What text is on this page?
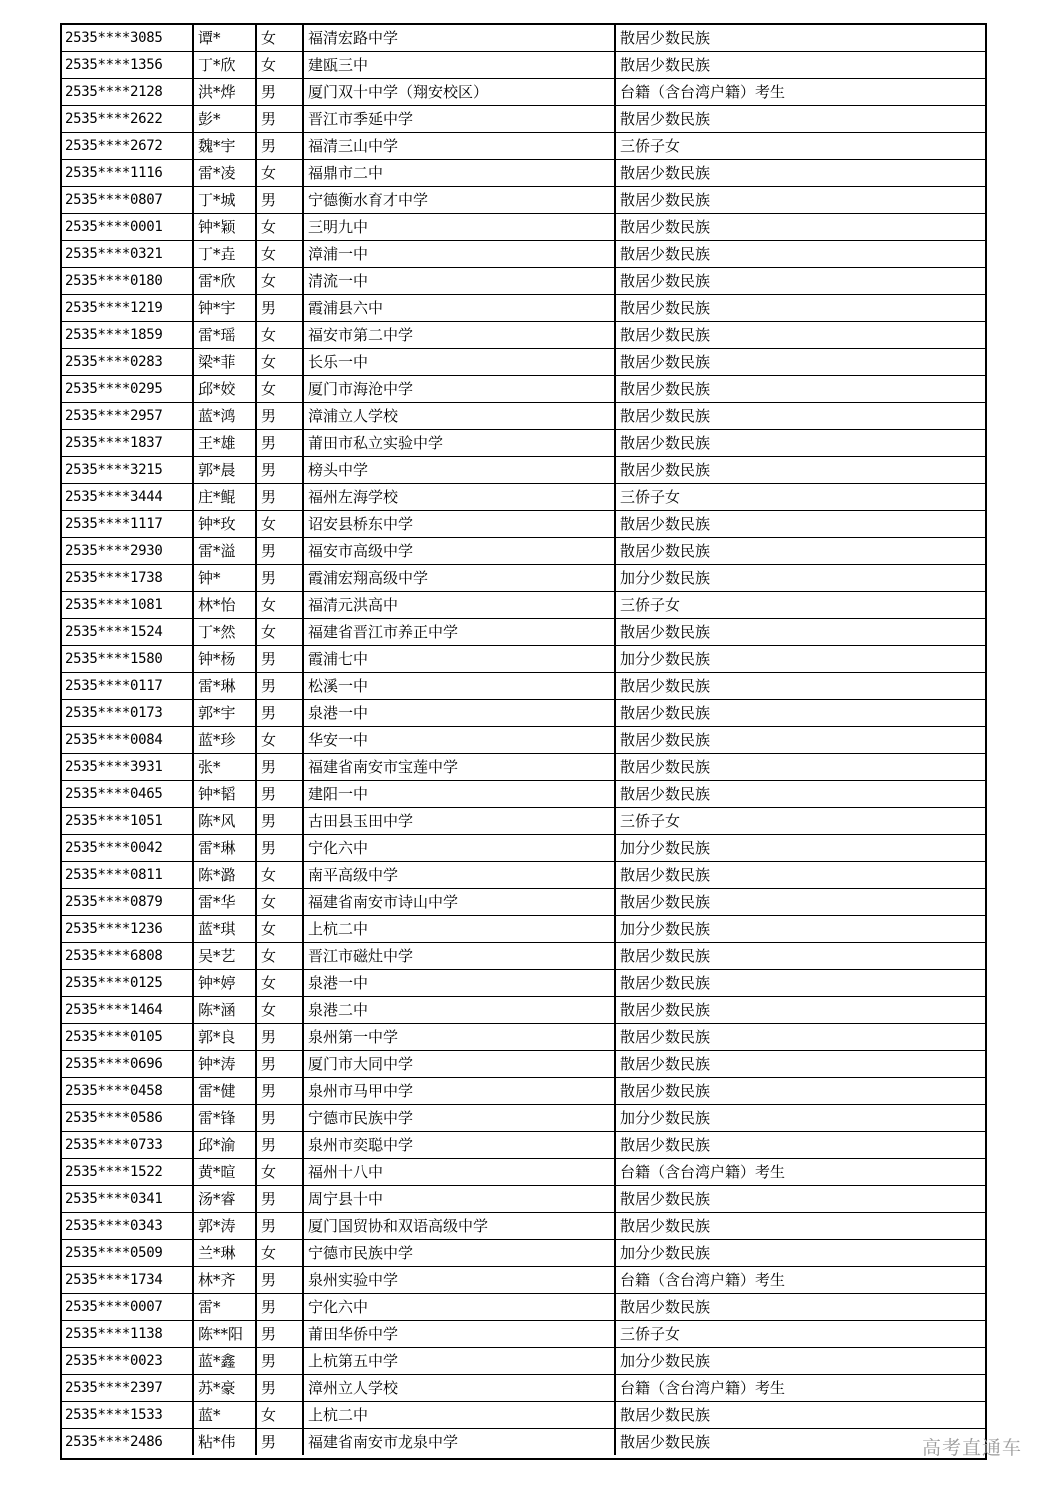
2535****3085	谭*	女	福清宏路中学	散居少数民族
2535****1356	丁*欣	女	建瓯三中	散居少数民族
2535****2128	洪*烨	男	厦门双十中学（翔安校区）	台籍（含台湾户籍）考生
2535****2622	彭*	男	晋江市季延中学	散居少数民族
2535****2672	魏*宇	男	福清三山中学	三侨子女
2535****1116	雷*凌	女	福鼎市二中	散居少数民族
2535****0807	丁*城	男	宁德衡水育才中学	散居少数民族
2535****0001	钟*颖	女	三明九中	散居少数民族
2535****0321	丁*垚	女	漳浦一中	散居少数民族
2535****0180	雷*欣	女	清流一中	散居少数民族
2535****1219	钟*宇	男	霞浦县六中	散居少数民族
2535****1859	雷*瑶	女	福安市第二中学	散居少数民族
2535****0283	梁*菲	女	长乐一中	散居少数民族
2535****0295	邱*姣	女	厦门市海沧中学	散居少数民族
2535****2957	蓝*鸿	男	漳浦立人学校	散居少数民族
2535****1837	王*雄	男	莆田市私立实验中学	散居少数民族
2535****3215	郭*晨	男	榜头中学	散居少数民族
2535****3444	庄*鲲	男	福州左海学校	三侨子女
2535****1117	钟*玫	女	诏安县桥东中学	散居少数民族
2535****2930	雷*溢	男	福安市高级中学	散居少数民族
2535****1738	钟*	男	霞浦宏翔高级中学	加分少数民族
2535****1081	林*怡	女	福清元洪高中	三侨子女
2535****1524	丁*然	女	福建省晋江市养正中学	散居少数民族
2535****1580	钟*杨	男	霞浦七中	加分少数民族
2535****0117	雷*琳	男	松溪一中	散居少数民族
2535****0173	郭*宇	男	泉港一中	散居少数民族
2535****0084	蓝*珍	女	华安一中	散居少数民族
2535****3931	张*	男	福建省南安市宝莲中学	散居少数民族
2535****0465	钟*韬	男	建阳一中	散居少数民族
2535****1051	陈*风	男	古田县玉田中学	三侨子女
2535****0042	雷*琳	男	宁化六中	加分少数民族
2535****0811	陈*潞	女	南平高级中学	散居少数民族
2535****0879	雷*华	女	福建省南安市诗山中学	散居少数民族
2535****1236	蓝*琪	女	上杭二中	加分少数民族
2535****6808	吴*艺	女	晋江市磁灶中学	散居少数民族
2535****0125	钟*婷	女	泉港一中	散居少数民族
2535****1464	陈*涵	女	泉港二中	散居少数民族
2535****0105	郭*良	男	泉州第一中学	散居少数民族
2535****0696	钟*涛	男	厦门市大同中学	散居少数民族
2535****0458	雷*健	男	泉州市马甲中学	散居少数民族
2535****0586	雷*锋	男	宁德市民族中学	加分少数民族
2535****0733	邱*渝	男	泉州市奕聪中学	散居少数民族
2535****1522	黄*暄	女	福州十八中	台籍（含台湾户籍）考生
2535****0341	汤*睿	男	周宁县十中	散居少数民族
2535****0343	郭*涛	男	厦门国贸协和双语高级中学	散居少数民族
2535****0509	兰*琳	女	宁德市民族中学	加分少数民族
2535****1734	林*齐	男	泉州实验中学	台籍（含台湾户籍）考生
2535****0007	雷*	男	宁化六中	散居少数民族
2535****1138	陈**阳	男	莆田华侨中学	三侨子女
2535****0023	蓝*鑫	男	上杭第五中学	加分少数民族
2535****2397	苏*豪	男	漳州立人学校	台籍（含台湾户籍）考生
2535****1533	蓝*	女	上杭二中	散居少数民族
2535****2486	粘*伟	男	福建省南安市龙泉中学	散居少数民族	高考直通车
